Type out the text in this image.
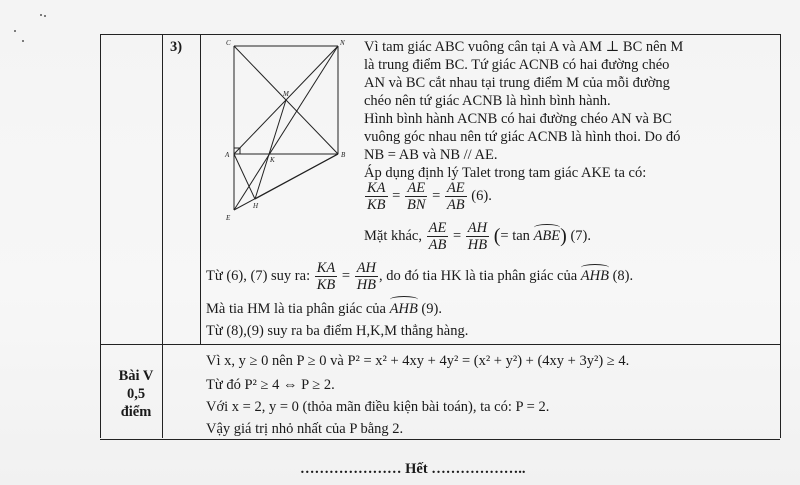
3)	C	N
M
A
K
B
E
H
Vì tam giác ABC vuông cân tại A và AM ⊥ BC nên M
là trung điểm BC. Tứ giác ACNB có hai đường chéo
AN và BC cắt nhau tại trung điểm M của mỗi đường
chéo nên tứ giác ACNB là hình bình hành.
Hình bình hành ACNB có hai đường chéo AN và BC
vuông góc nhau nên tứ giác ACNB là hình thoi. Do đó
NB = AB và NB // AE.
Áp dụng định lý Talet trong tam giác AKE ta có:
$\frac{KA}{KB} = \frac{AE}{BN} = \frac{AE}{AB} (6)$.
Mặt khác, $\frac{AE}{AB} = \frac{AH}{HB}$ (= tan ABE) (7).
Từ (6), (7) suy ra: $\frac{KA}{KB} = \frac{AH}{HB}$ , do đó tia HK là tia phân giác của AHB (8).
Mà tia HM là tia phân giác của AHB (9).
Từ (8),(9) suy ra ba điểm H,K,M thẳng hàng.
Bài V
0,5
điểm
Vì x, y ≥ 0 nên P ≥ 0 và P² = x² + 4xy + 4y² = (x² + y²) + (4xy + 3y²) ≥ 4.
Từ đó P² ≥ 4 ⇔ P ≥ 2.
Với x = 2, y = 0 (thỏa mãn điều kiện bài toán), ta có: P = 2.
Vậy giá trị nhỏ nhất của P bằng 2.
………………… Hết ………………..
